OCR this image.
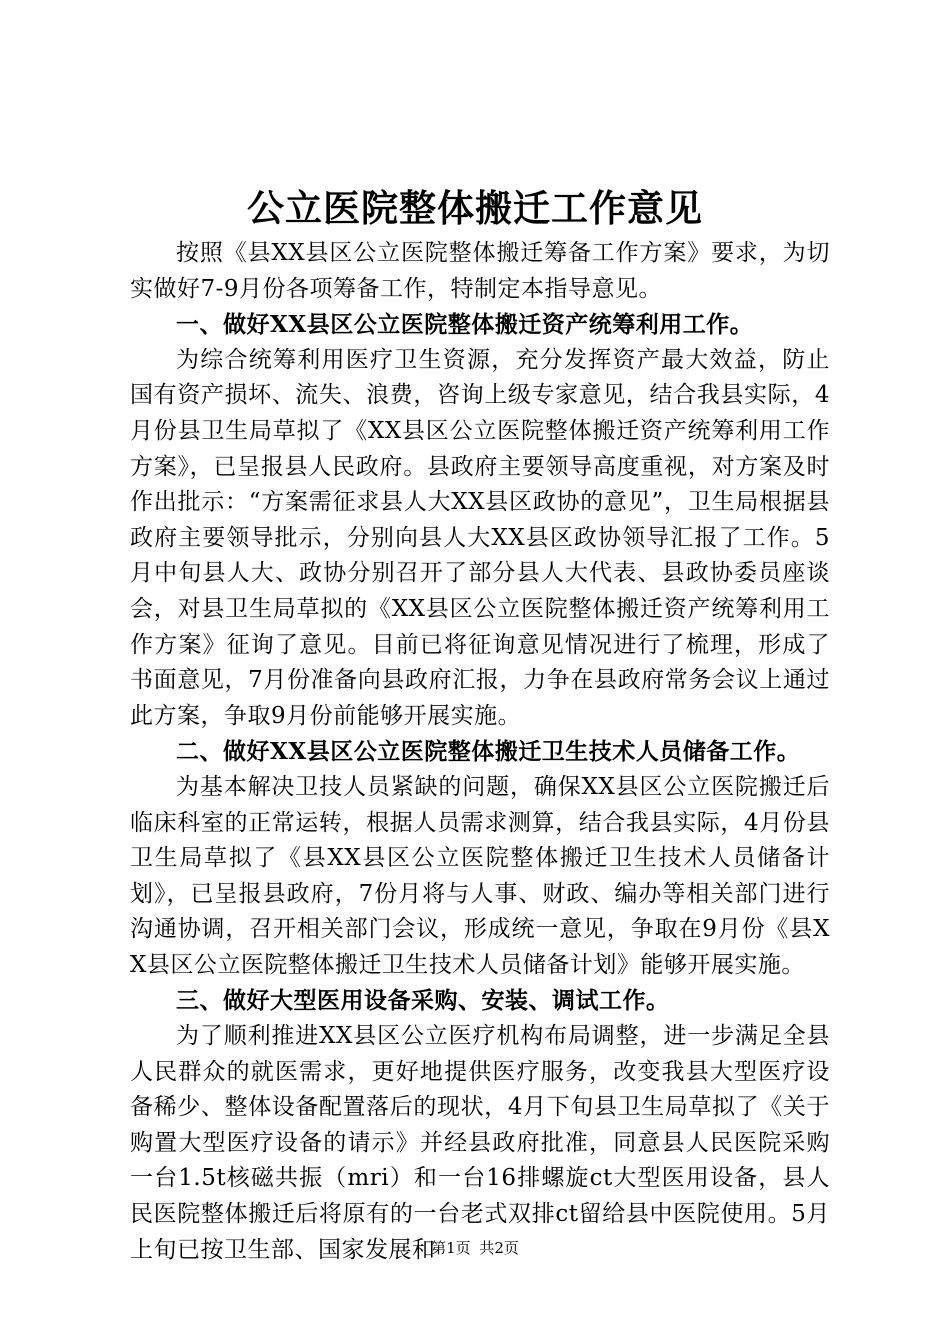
公立医院整体搬迁工作意见

按照《县XX县区公立医院整体搬迁筹备工作方案》要求，为切实做好7-9月份各项筹备工作，特制定本指导意见。

一、做好XX县区公立医院整体搬迁资产统筹利用工作。

为综合统筹利用医疗卫生资源，充分发挥资产最大效益，防止国有资产损坏、流失、浪费，咨询上级专家意见，结合我县实际，4月份县卫生局草拟了《XX县区公立医院整体搬迁资产统筹利用工作方案》，已呈报县人民政府。县政府主要领导高度重视，对方案及时作出批示：“方案需征求县人大XX县区政协的意见”，卫生局根据县政府主要领导批示，分别向县人大XX县区政协领导汇报了工作。5月中旬县人大、政协分别召开了部分县人大代表、县政协委员座谈会，对县卫生局草拟的《XX县区公立医院整体搬迁资产统筹利用工作方案》征询了意见。目前已将征询意见情况进行了梳理，形成了书面意见，7月份准备向县政府汇报，力争在县政府常务会议上通过此方案，争取9月份前能够开展实施。

二、做好XX县区公立医院整体搬迁卫生技术人员储备工作。

为基本解决卫技人员紧缺的问题，确保XX县区公立医院搬迁后临床科室的正常运转，根据人员需求测算，结合我县实际，4月份县卫生局草拟了《县XX县区公立医院整体搬迁卫生技术人员储备计划》，已呈报县政府，7份月将与人事、财政、编办等相关部门进行沟通协调，召开相关部门会议，形成统一意见，争取在9月份《县XX县区公立医院整体搬迁卫生技术人员储备计划》能够开展实施。

三、做好大型医用设备采购、安装、调试工作。

为了顺利推进XX县区公立医疗机构布局调整，进一步满足全县人民群众的就医需求，更好地提供医疗服务，改变我县大型医疗设备稀少、整体设备配置落后的现状，4月下旬县卫生局草拟了《关于购置大型医疗设备的请示》并经县政府批准，同意县人民医院采购一台1.5t核磁共振（mri）和一台16排螺旋ct大型医用设备，县人民医院整体搬迁后将原有的一台老式双排ct留给县中医院使用。5月上旬已按卫生部、国家发展和

第1页 共2页
